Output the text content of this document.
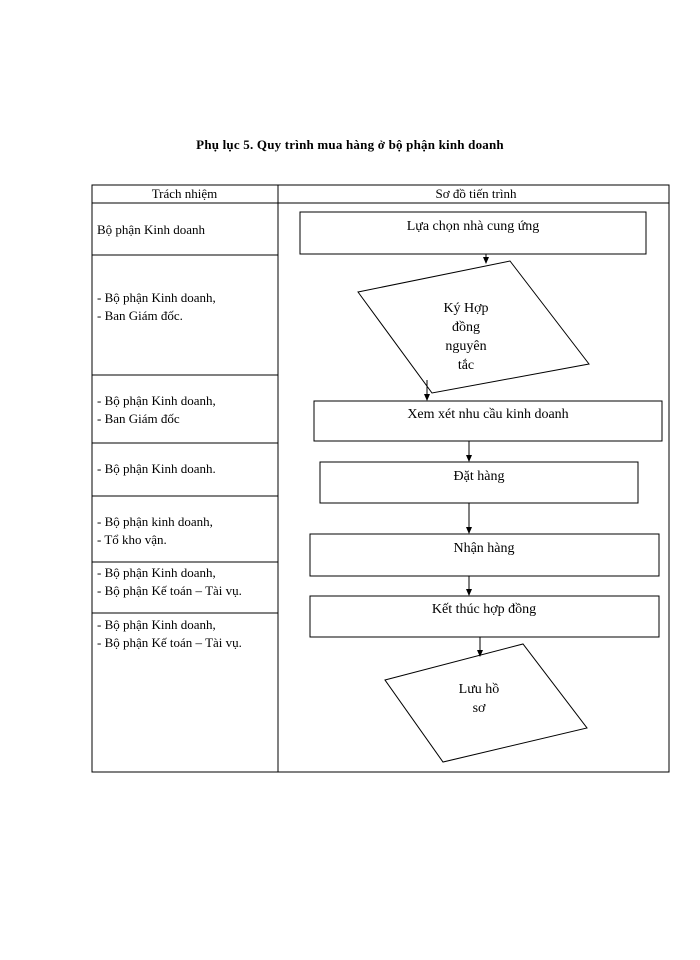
Phụ lục 5. Quy trình mua hàng ở bộ phận kinh doanh
Trách nhiệm	Sơ đồ tiến trình
Bộ phận Kinh doanh
- Bộ phận Kinh doanh,
- Ban Giám đốc.
- Bộ phận Kinh doanh,
- Ban Giám đốc
- Bộ phận Kinh doanh.
- Bộ phận kinh doanh,
- Tổ kho vận.
- Bộ phận Kinh doanh,
- Bộ phận Kế toán – Tài vụ.
- Bộ phận Kinh doanh,
- Bộ phận Kế toán – Tài vụ.
Lựa chọn nhà cung ứng
Ký Hợp
đồng
nguyên
tắc
Xem xét nhu cầu kinh doanh
Đặt hàng
Nhận hàng
Kết thúc hợp đồng
Lưu hồ
sơ
